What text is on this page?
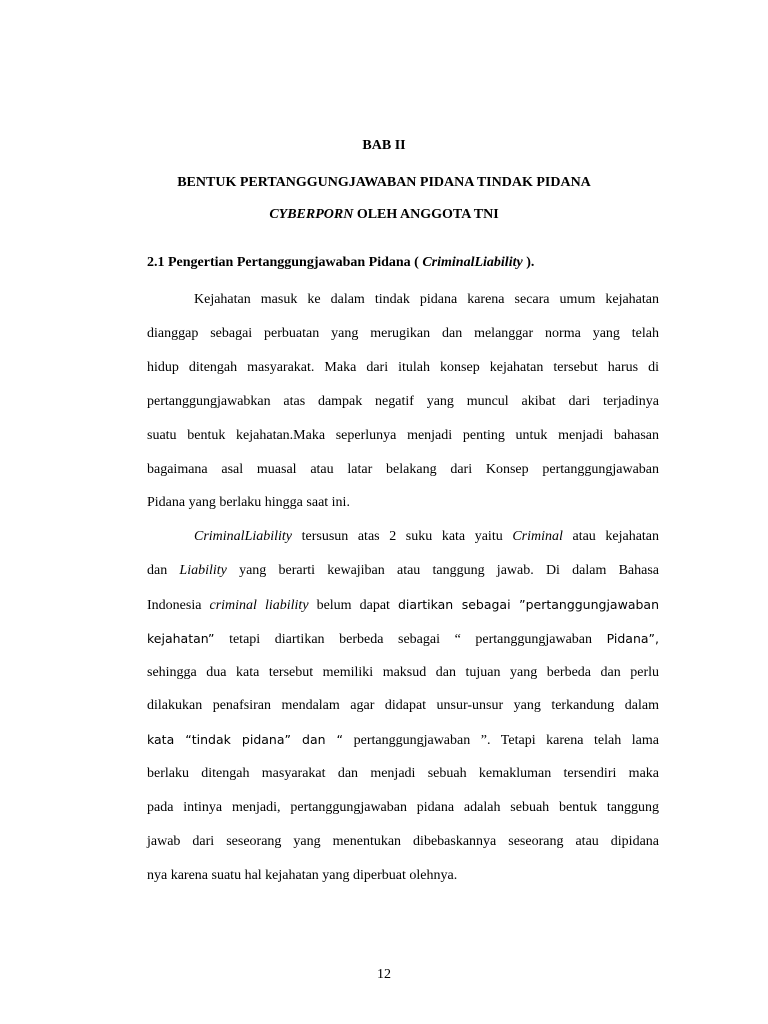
BAB II
BENTUK PERTANGGUNGJAWABAN PIDANA TINDAK PIDANA
CYBERPORN OLEH ANGGOTA TNI
2.1 Pengertian Pertanggungjawaban Pidana ( CriminalLiability ).
Kejahatan masuk ke dalam tindak pidana karena secara umum kejahatan
dianggap sebagai perbuatan yang merugikan dan melanggar norma yang telah
hidup ditengah masyarakat. Maka dari itulah konsep kejahatan tersebut harus di
pertanggungjawabkan atas dampak negatif yang muncul akibat dari terjadinya
suatu bentuk kejahatan.Maka seperlunya menjadi penting untuk menjadi bahasan
bagaimana asal muasal atau latar belakang dari Konsep pertanggungjawaban
Pidana yang berlaku hingga saat ini.
CriminalLiability tersusun atas 2 suku kata yaitu Criminal atau kejahatan
dan Liability yang berarti kewajiban atau tanggung jawab. Di dalam Bahasa
Indonesia criminal liability belum dapat diartikan sebagai ”pertanggungjawaban
kejahatan” tetapi diartikan berbeda sebagai “ pertanggungjawaban Pidana”,
sehingga dua kata tersebut memiliki maksud dan tujuan yang berbeda dan perlu
dilakukan penafsiran mendalam agar didapat unsur-unsur yang terkandung dalam
kata “tindak pidana” dan “ pertanggungjawaban ”. Tetapi karena telah lama
berlaku ditengah masyarakat dan menjadi sebuah kemakluman tersendiri maka
pada intinya menjadi, pertanggungjawaban pidana adalah sebuah bentuk tanggung
jawab dari seseorang yang menentukan dibebaskannya seseorang atau dipidana
nya karena suatu hal kejahatan yang diperbuat olehnya.
12
